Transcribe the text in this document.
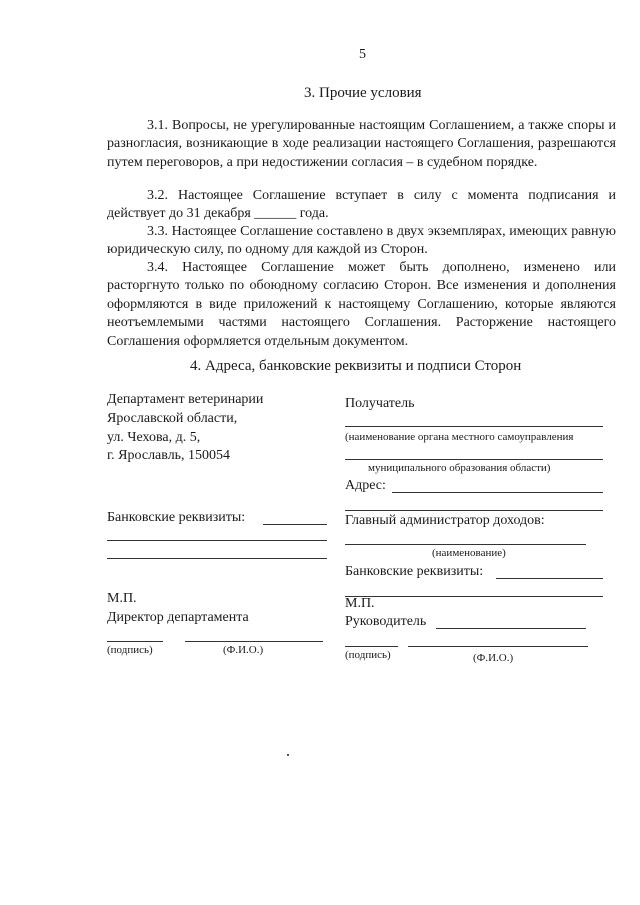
5
3. Прочие условия
3.1. Вопросы, не урегулированные настоящим Соглашением, а также споры и разногласия, возникающие в ходе реализации настоящего Соглашения, разрешаются путем переговоров, а при недостижении согласия – в судебном порядке.
3.2. Настоящее Соглашение вступает в силу с момента подписания и действует до 31 декабря ______ года.
3.3. Настоящее Соглашение составлено в двух экземплярах, имеющих равную юридическую силу, по одному для каждой из Сторон.
3.4. Настоящее Соглашение может быть дополнено, изменено или расторгнуто только по обоюдному согласию Сторон. Все изменения и дополнения оформляются в виде приложений к настоящему Соглашению, которые являются неотъемлемыми частями настоящего Соглашения. Расторжение настоящего Соглашения оформляется отдельным документом.
4. Адреса, банковские реквизиты и подписи Сторон
Департамент ветеринарии
Ярославской области,
ул. Чехова, д. 5,
г. Ярославль, 150054
Банковские реквизиты:
М.П.
Директор департамента
(подпись)	(Ф.И.О.)
Получатель
(наименование органа местного самоуправления
муниципального образования области)
Адрес:
Главный администратор доходов:
(наименование)
Банковские реквизиты:
М.П.
Руководитель
(подпись)	(Ф.И.О.)
